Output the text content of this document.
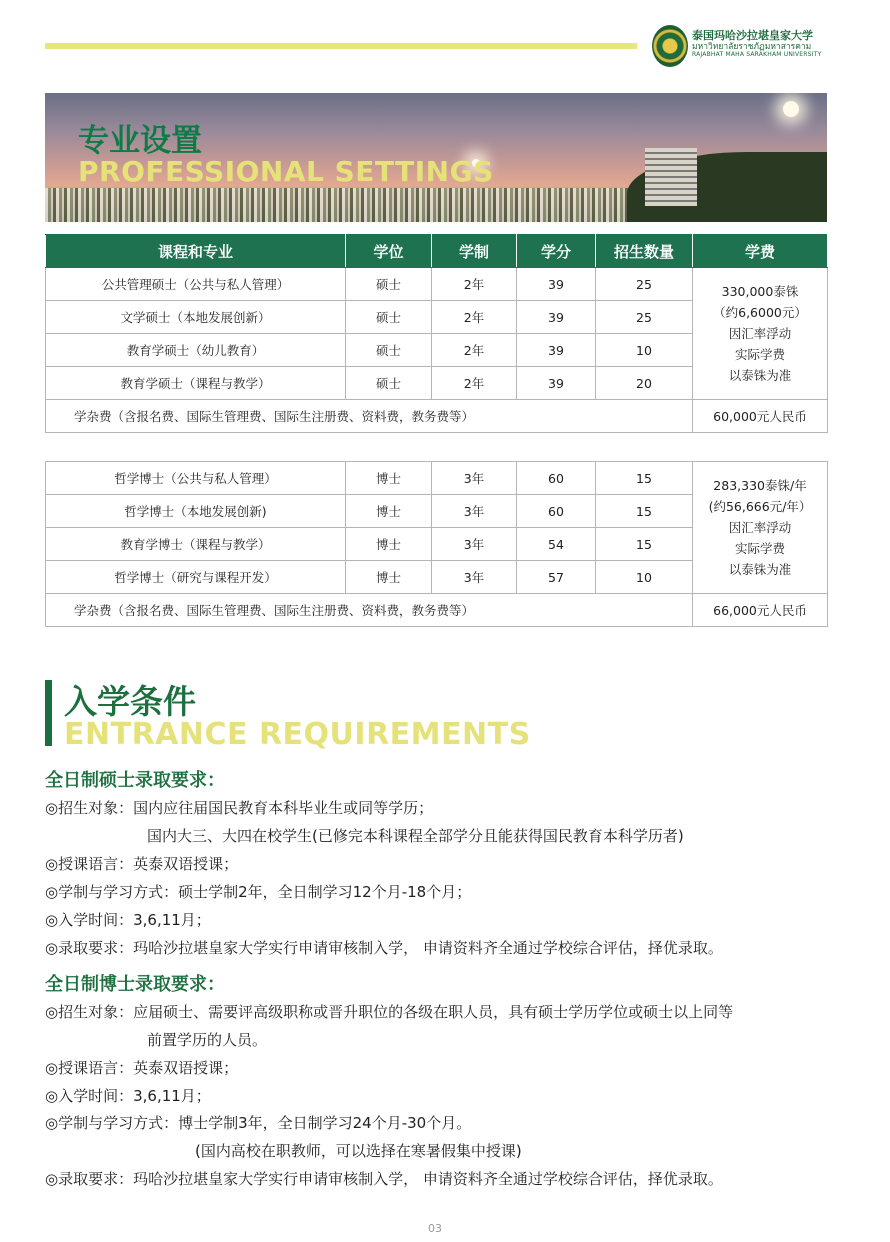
泰国玛哈沙拉堪皇家大学
มหาวิทยาลัยราชภัฏมหาสารคาม
RAJABHAT MAHA SARAKHAM UNIVERSITY
专业设置
PROFESSIONAL SETTINGS
课程和专业	学位	学制	学分	招生数量	学费
公共管理硕士（公共与私人管理）	硕士	2年	39	25	330,000泰铢
（约6,6000元）
因汇率浮动
实际学费
以泰铢为准

文学硕士（本地发展创新）	硕士	2年	39	25	
教育学硕士（幼儿教育）	硕士	2年	39	10	
教育学硕士（课程与教学）	硕士	2年	39	20	
学杂费（含报名费、国际生管理费、国际生注册费、资料费，教务费等）					60,000元人民币
哲学博士（公共与私人管理）	博士	3年	60	15	283,330泰铢/年
(约56,666元/年）
因汇率浮动
实际学费
以泰铢为准

哲学博士（本地发展创新)	博士	3年	60	15	
教育学博士（课程与教学）	博士	3年	54	15	
哲学博士（研究与课程开发）	博士	3年	57	10	
学杂费（含报名费、国际生管理费、国际生注册费、资料费，教务费等）					66,000元人民币
入学条件
ENTRANCE REQUIREMENTS
全日制硕士录取要求：
◎招生对象：国内应往届国民教育本科毕业生或同等学历；
国内大三、大四在校学生(已修完本科课程全部学分且能获得国民教育本科学历者)
◎授课语言：英泰双语授课；
◎学制与学习方式：硕士学制2年，全日制学习12个月-18个月；
◎入学时间：3,6,11月；
◎录取要求：玛哈沙拉堪皇家大学实行申请审核制入学， 申请资料齐全通过学校综合评估，择优录取。
全日制博士录取要求：
◎招生对象：应届硕士、需要评高级职称或晋升职位的各级在职人员，具有硕士学历学位或硕士以上同等
前置学历的人员。
◎授课语言：英泰双语授课；
◎入学时间：3,6,11月；
◎学制与学习方式：博士学制3年，全日制学习24个月-30个月。
(国内高校在职教师，可以选择在寒暑假集中授课)
◎录取要求：玛哈沙拉堪皇家大学实行申请审核制入学， 申请资料齐全通过学校综合评估，择优录取。
03
